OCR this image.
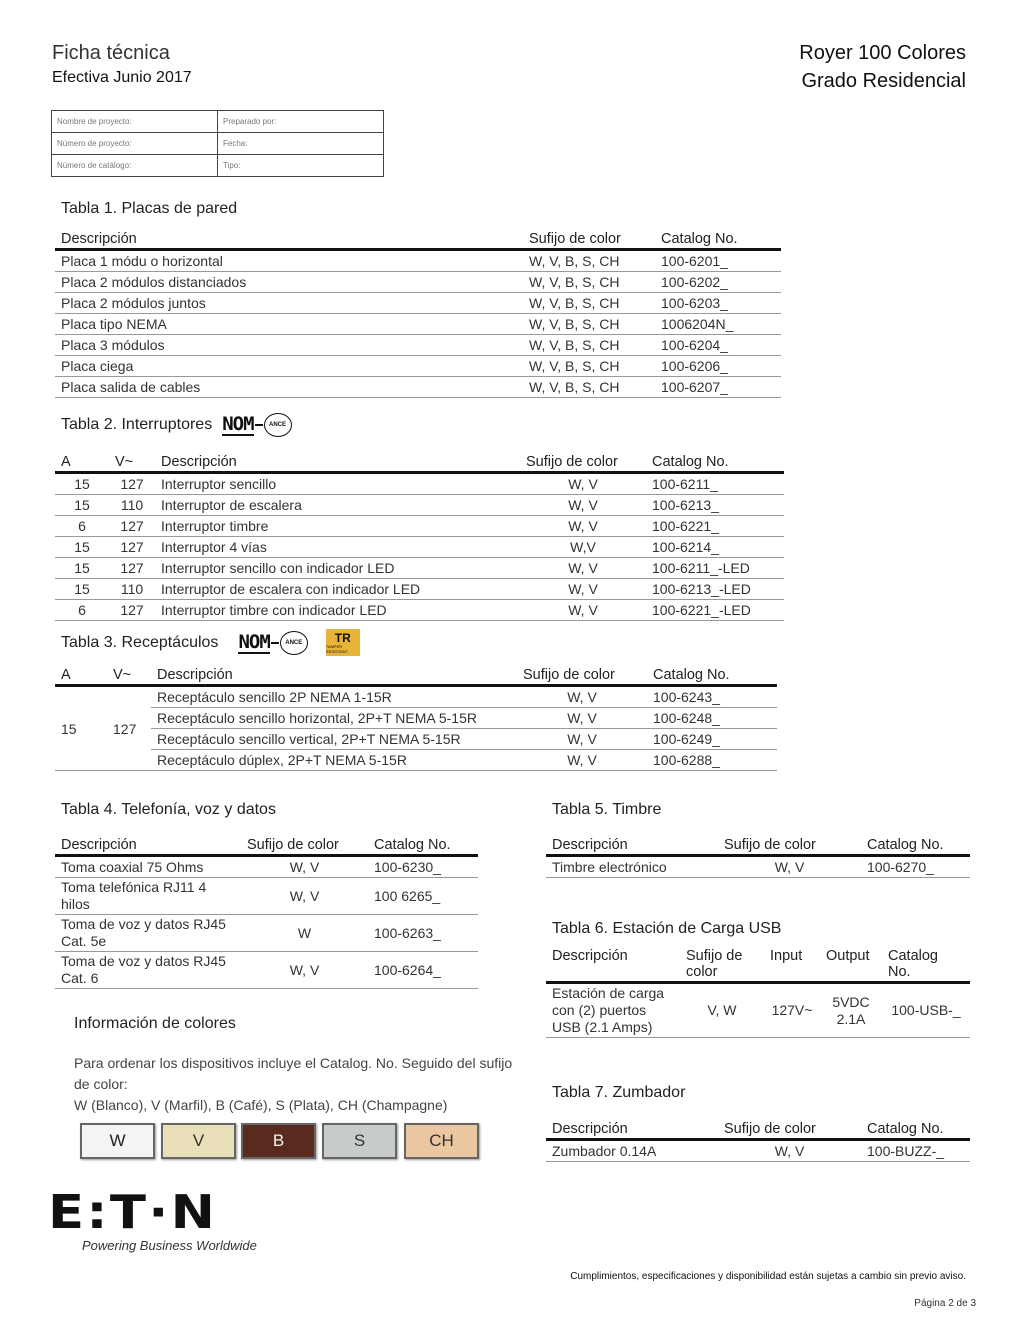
Ficha técnica
Efectiva Junio 2017
Royer 100 Colores
Grado Residencial
Nombre de proyecto:	Preparado por:
Número de proyecto:	Fecha:
Número de catálogo:	Tipo:
Tabla 1. Placas de pared
Descripción	Sufijo de color	Catalog No.
Placa 1 módu o horizontal	W, V, B, S, CH	100-6201_
Placa 2 módulos distanciados	W, V, B, S, CH	100-6202_
Placa 2 módulos juntos	W, V, B, S, CH	100-6203_
Placa tipo NEMA	W, V, B, S, CH	1006204N_
Placa 3 módulos	W, V, B, S, CH	100-6204_
Placa ciega	W, V, B, S, CH	100-6206_
Placa salida de cables	W, V, B, S, CH	100-6207_
Tabla 2. Interruptores NOM	ANCE
A	V~	Descripción	Sufijo de color	Catalog No.
15	127	Interruptor sencillo	W, V	100-6211_
15	110	Interruptor de escalera	W, V	100-6213_
6	127	Interruptor timbre	W, V	100-6221_
15	127	Interruptor 4 vías	W,V	100-6214_
15	127	Interruptor sencillo con indicador LED	W, V	100-6211_-LED
15	110	Interruptor de escalera con indicador LED	W, V	100-6213_-LED
6	127	Interruptor timbre con indicador LED	W, V	100-6221_-LED
Tabla 3. Receptáculos NOM	ANCE	TR
TAMPER RESISTANT
A	V~	Descripción	Sufijo de color	Catalog No.
15	127	Receptáculo sencillo 2P NEMA 1-15R	W, V	100-6243_
		Receptáculo sencillo horizontal, 2P+T NEMA 5-15R	W, V	100-6248_
		Receptáculo sencillo vertical, 2P+T NEMA 5-15R	W, V	100-6249_
		Receptáculo dúplex, 2P+T NEMA 5-15R	W, V	100-6288_
Tabla 4. Telefonía, voz y datos
Descripción	Sufijo de color	Catalog No.
Toma coaxial 75 Ohms	W, V	100-6230_
Toma telefónica RJ11 4 hilos	W, V	100 6265_
Toma de voz y datos RJ45 Cat. 5e	W	100-6263_
Toma de voz y datos RJ45 Cat. 6	W, V	100-6264_
Información de colores
Para ordenar los dispositivos incluye el Catalog. No. Seguido del sufijo de color:
W (Blanco), V (Marfil), B (Café), S (Plata), CH (Champagne)
W	V	B	S	CH
Tabla 5. Timbre
Descripción	Sufijo de color	Catalog No.
Timbre electrónico	W, V	100-6270_
Tabla 6. Estación de Carga USB
Descripción	Sufijo de color	Input	Output	Catalog No.
Estación de carga con (2) puertos USB (2.1 Amps)	V, W	127V~	5VDC 2.1A	100-USB-_
Tabla 7. Zumbador
Descripción	Sufijo de color	Catalog No.
Zumbador 0.14A	W, V	100-BUZZ-_
E:T·N
Powering Business Worldwide
Cumplimientos, especificaciones y disponibilidad están sujetas a cambio sin previo aviso.
Página 2 de 3
